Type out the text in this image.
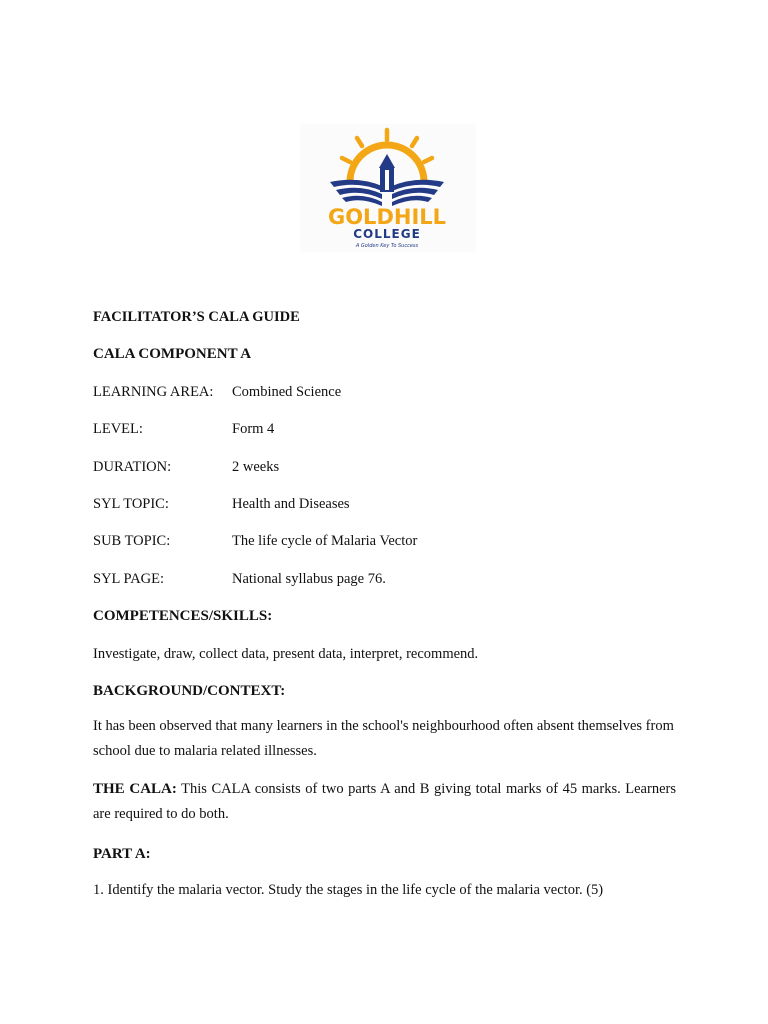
GOLDHILL
COLLEGE
A Golden Key To Success
FACILITATOR’S CALA GUIDE
CALA COMPONENT A
LEARNING AREA: Combined Science
LEVEL:	Form 4
DURATION:	2 weeks
SYL TOPIC:	Health and Diseases
SUB TOPIC:	The life cycle of Malaria Vector
SYL PAGE:	National syllabus page 76.
COMPETENCES/SKILLS:
Investigate, draw, collect data, present data, interpret, recommend.
BACKGROUND/CONTEXT:
It has been observed that many learners in the school's neighbourhood often absent themselves from school due to malaria related illnesses.
THE CALA: This CALA consists of two parts A and B giving total marks of 45 marks. Learners are required to do both.
PART A:
1. Identify the malaria vector. Study the stages in the life cycle of the malaria vector. (5)
